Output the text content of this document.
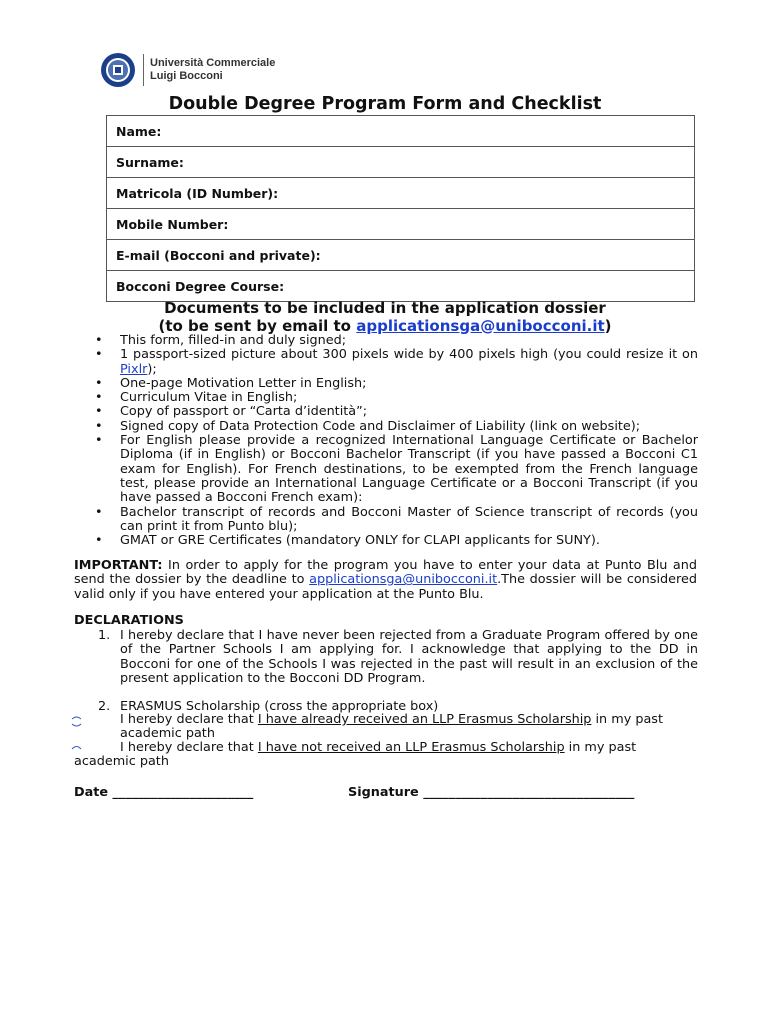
Università Commerciale
Luigi Bocconi
Double Degree Program Form and Checklist
Name:
Surname:
Matricola (ID Number):
Mobile Number:
E-mail (Bocconi and private):
Bocconi Degree Course:
Documents to be included in the application dossier
(to be sent by email to applicationsga@unibocconi.it)
• This form, filled-in and duly signed;
• 1 passport-sized picture about 300 pixels wide by 400 pixels high (you could resize it on Pixlr);
• One-page Motivation Letter in English;
• Curriculum Vitae in English;
• Copy of passport or “Carta d’identità”;
• Signed copy of Data Protection Code and Disclaimer of Liability (link on website);
• For English please provide a recognized International Language Certificate or Bachelor Diploma (if in English) or Bocconi Bachelor Transcript (if you have passed a Bocconi C1 exam for English). For French destinations, to be exempted from the French language test, please provide an International Language Certificate or a Bocconi Transcript (if you have passed a Bocconi French exam):
• Bachelor transcript of records and Bocconi Master of Science transcript of records (you can print it from Punto blu);
• GMAT or GRE Certificates (mandatory ONLY for CLAPI applicants for SUNY).

IMPORTANT: In order to apply for the program you have to enter your data at Punto Blu and send the dossier by the deadline to applicationsga@unibocconi.it.The dossier will be considered valid only if you have entered your application at the Punto Blu.

DECLARATIONS
1. I hereby declare that I have never been rejected from a Graduate Program offered by one of the Partner Schools I am applying for. I acknowledge that applying to the DD in Bocconi for one of the Schools I was rejected in the past will result in an exclusion of the present application to the Bocconi DD Program.
2. ERASMUS Scholarship (cross the appropriate box)
I hereby declare that I have already received an LLP Erasmus Scholarship in my past
academic path
I hereby declare that I have not received an LLP Erasmus Scholarship in my past
academic path
Date ______________________	Signature _________________________________
